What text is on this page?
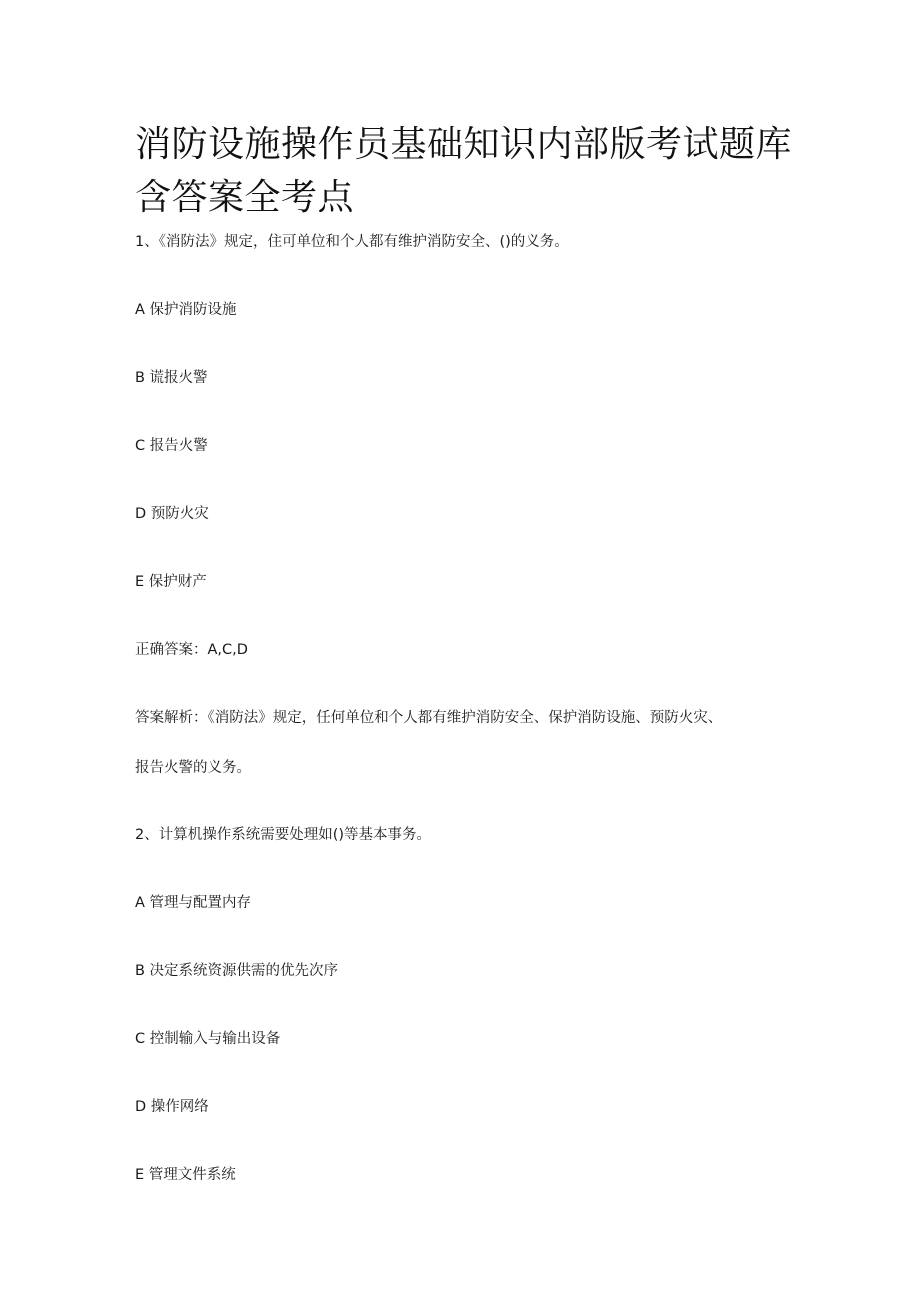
消防设施操作员基础知识内部版考试题库含答案全考点

1、《消防法》规定，住可单位和个人都有维护消防安全、()的义务。

A 保护消防设施

B 谎报火警

C 报告火警

D 预防火灾

E 保护财产

正确答案：A,C,D

答案解析：《消防法》规定，任何单位和个人都有维护消防安全、保护消防设施、预防火灾、

报告火警的义务。

2、计算机操作系统需要处理如()等基本事务。

A 管理与配置内存

B 决定系统资源供需的优先次序

C 控制输入与输出设备

D 操作网络

E 管理文件系统
